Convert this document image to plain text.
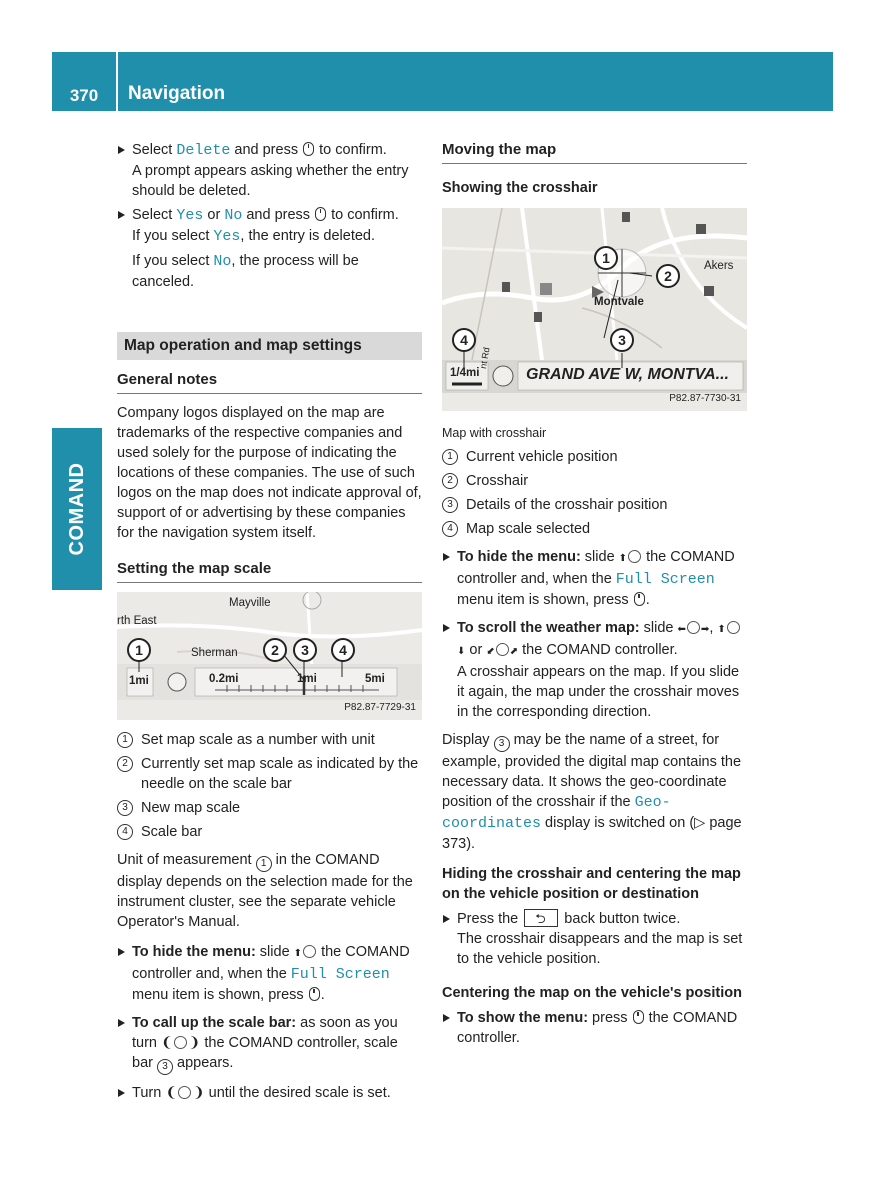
370	Navigation
COMAND

Select Delete and press  to confirm.

A prompt appears asking whether the entry should be deleted.

Select Yes or No and press  to confirm.

If you select Yes, the entry is deleted.

If you select No, the process will be canceled.

Map operation and map settings
General notes
Company logos displayed on the map are trademarks of the respective companies and used solely for the purpose of indicating the locations of these companies. The use of such logos on the map does not indicate approval of, support of or advertising by these companies for the navigation system itself.
Setting the map scale
Mayville
rth East
Sherman
1mi	0.2mi	1mi	5mi
1	2	3	4
P82.87-7729-31
1 Set map scale as a number with unit
2 Currently set map scale as indicated by the needle on the scale bar
3 New map scale
4 Scale bar
Unit of measurement 1 in the COMAND display depends on the selection made for the instrument cluster, see the separate vehicle Operator's Manual.

To hide the menu: slide ⬆ the COMAND controller and, when the Full Screen menu item is shown, press .

To call up the scale bar: as soon as you turn ❨ ❩ the COMAND controller, scale bar 3 appears.

Turn ❨ ❩ until the desired scale is set.

Moving the map
Showing the crosshair
Akers
Montvale
nt Rd
1/4mi	GRAND AVE W, MONTVA...
1
2
3
4
P82.87-7730-31
Map with crosshair
1 Current vehicle position
2 Crosshair
3 Details of the crosshair position
4 Map scale selected

To hide the menu: slide ⬆ the COMAND controller and, when the Full Screen menu item is shown, press .

To scroll the weather map: slide ⬅ ➡, ⬆⬇ or ⬋ ⬈ the COMAND controller.

A crosshair appears on the map. If you slide it again, the map under the crosshair moves in the corresponding direction.

Display 3 may be the name of a street, for example, provided the digital map contains the necessary data. It shows the geo-coordinate position of the crosshair if the Geo-coordinates display is switched on (▷ page 373).
Hiding the crosshair and centering the map on the vehicle position or destination

Press the ⮌	back button twice.

The crosshair disappears and the map is set to the vehicle position.

Centering the map on the vehicle's position

To show the menu: press  the COMAND controller.
